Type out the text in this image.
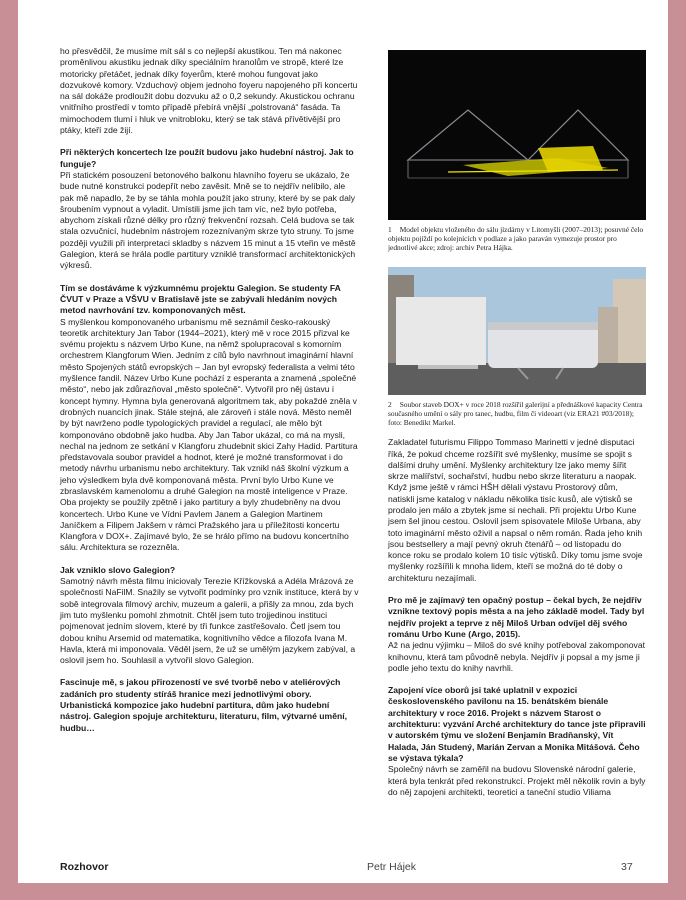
ho přesvědčil, že musíme mít sál s co nejlepší akustikou. Ten má nakonec proměnlivou akustiku jednak díky speciálním hranolům ve stropě, které lze motoricky přetáčet, jednak díky foyerům, které mohou fungovat jako dozvukové komory. Vzduchový objem jednoho foyeru napojeného při koncertu na sál dokáže prodloužit dobu dozvuku až o 0,2 sekundy. Akustickou ochranu vnitřního prostředí v tomto případě přebírá vnější „polstrovaná“ fasáda. Ta mimochodem tlumí i hluk ve vnitrobloku, který se tak stává přívětivější pro ptáky, kteří zde žijí.

Při některých koncertech lze použít budovu jako hudební nástroj. Jak to funguje?

Při statickém posouzení betonového balkonu hlavního foyeru se ukázalo, že bude nutné konstrukci podepřít nebo zavěsit. Mně se to nejdřív nelíbilo, ale pak mě napadlo, že by se táhla mohla použít jako struny, které by se pak daly šroubením vypnout a vyladit. Umístili jsme jich tam víc, než bylo potřeba, abychom získali různé délky pro různý frekvenční rozsah. Celá budova se tak stala ozvučnicí, hudebním nástrojem rozeznívaným skrze tyto struny. To jsme později využili při interpretaci skladby s názvem 15 minut a 15 vteřin ve městě Galegion, která se hrála podle partitury vzniklé transformací architektonických výkresů.

Tím se dostáváme k výzkumnému projektu Galegion. Se studenty FA ČVUT v Praze a VŠVU v Bratislavě jste se zabývali hledáním nových metod navrhování tzv. komponovaných měst.

S myšlenkou komponovaného urbanismu mě seznámil česko-rakouský teoretik architektury Jan Tabor (1944–2021), který mě v roce 2015 přizval ke svému projektu s názvem Urbo Kune, na němž spolupracoval s komorním orchestrem Klangforum Wien. Jedním z cílů bylo navrhnout imaginární hlavní město Spojených států evropských – Jan byl evropský federalista a velmi této myšlence fandil. Název Urbo Kune pochází z esperanta a znamená „společné město“, nebo jak zdůrazňoval „město společně“. Vytvořil pro něj ústavu i koncept hymny. Hymna byla generovaná algoritmem tak, aby pokaždé zněla v drobných nuancích jinak. Stále stejná, ale zároveň i stále nová. Město neměl by být navrženo podle typologických pravidel a regulací, ale mělo být komponováno obdobně jako hudba. Aby Jan Tabor ukázal, co má na mysli, nechal na jednom ze setkání v Klangforu zhudebnit skici Zahy Hadid. Partitura představovala soubor pravidel a hodnot, které je možné transformovat i do metody návrhu urbanismu nebo architektury. Tak vznikl náš školní výzkum a jeho výsledkem byla dvě komponovaná města. První bylo Urbo Kune ve zbraslavském kamenolomu a druhé Galegion na mostě inteligence v Praze. Oba projekty se použily zpětně i jako partitury a byly zhudebněny na dvou koncertech. Urbo Kune ve Vídni Pavlem Janem a Galegion Martinem Janíčkem a Filipem Jakšem v rámci Pražského jara u příležitosti koncertu Klangfora v DOX+. Zajímavé bylo, že se hrálo přímo na budovu koncertního sálu. Architektura se rozezněla.

Jak vzniklo slovo Galegion?

Samotný návrh města filmu iniciovaly Terezie Křížkovská a Adéla Mrázová ze společnosti NaFilM. Snažily se vytvořit podmínky pro vznik instituce, která by v sobě integrovala filmový archiv, muzeum a galerii, a přišly za mnou, zda bych jim tuto myšlenku pomohl zhmotnit. Chtěl jsem tuto trojjedinou instituci pojmenovat jedním slovem, které by tři funkce zastřešovalo. Četl jsem tou dobou knihu Arsemid od matematika, kognitivního vědce a filozofa Ivana M. Havla, která mi imponovala. Věděl jsem, že už se umělým jazykem zabýval, a oslovil jsem ho. Souhlasil a vytvořil slovo Galegion.

Fascinuje mě, s jakou přirozeností ve své tvorbě nebo v ateliérových zadáních pro studenty stíráš hranice mezi jednotlivými obory. Urbanistická kompozice jako hudební partitura, dům jako hudební nástroj. Galegion spojuje architekturu, literaturu, film, výtvarné umění, hudbu…

1 Model objektu vloženého do sálu jízdárny v Litomyšli (2007–2013); posuvné čelo objektu pojíždí po kolejnících v podlaze a jako paraván vymezuje prostor pro jednotlivé akce; zdroj: archiv Petra Hájka.
2 Soubor staveb DOX+ v roce 2018 rozšířil galerijní a přednáškové kapacity Centra současného umění o sály pro tanec, hudbu, film či videoart (viz ERA21 #03/2018); foto: Benedikt Markel.

Zakladatel futurismu Filippo Tommaso Marinetti v jedné disputaci říká, že pokud chceme rozšířit své myšlenky, musíme se spojit s dalšími druhy umění. Myšlenky architektury lze jako memy šířit skrze malířství, sochařství, hudbu nebo skrze literaturu a naopak. Když jsme ještě v rámci HŠH dělali výstavu Prostorový dům, natiskli jsme katalog v nákladu několika tisíc kusů, ale výtisků se prodalo jen málo a zbytek jsme si nechali. Při projektu Urbo Kune jsem šel jinou cestou. Oslovil jsem spisovatele Miloše Urbana, aby toto imaginární město oživil a napsal o něm román. Řada jeho knih jsou bestsellery a mají pevný okruh čtenářů – od listopadu do konce roku se prodalo kolem 10 tisíc výtisků. Díky tomu jsme svoje myšlenky rozšířili k mnoha lidem, kteří se možná do té doby o architekturu nezajímali.

Pro mě je zajímavý ten opačný postup – čekal bych, že nejdřív vznikne textový popis města a na jeho základě model. Tady byl nejdřív projekt a teprve z něj Miloš Urban odvíjel děj svého románu Urbo Kune (Argo, 2015).

Až na jednu výjimku – Miloš do své knihy potřeboval zakomponovat knihovnu, která tam původně nebyla. Nejdřív ji popsal a my jsme ji podle jeho textu do knihy navrhli.

Zapojení více oborů jsi také uplatnil v expozici československého pavilonu na 15. benátském bienále architektury v roce 2016. Projekt s názvem Starost o architekturu: vyzvání Arché architektury do tance jste připravili v autorském týmu ve složení Benjamín Bradňanský, Vít Halada, Ján Studený, Marián Zervan a Monika Mitášová. Čeho se výstava týkala?

Společný návrh se zaměřil na budovu Slovenské národní galerie, která byla tenkrát před rekonstrukcí. Projekt měl několik rovin a byly do něj zapojeni architekti, teoretici a taneční studio Viliama

Rozhovor	Petr Hájek	37
